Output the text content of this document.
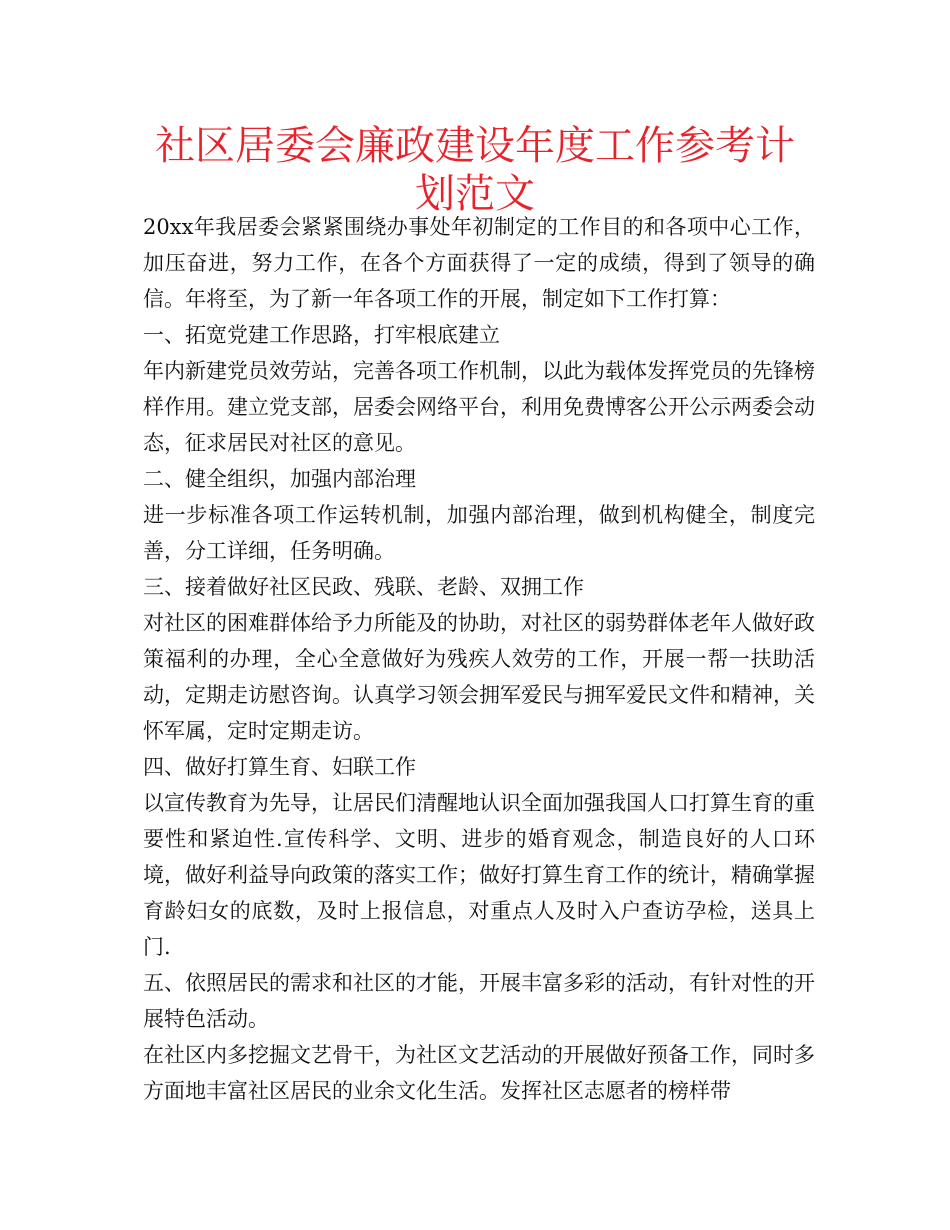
社区居委会廉政建设年度工作参考计划范文

20xx年我居委会紧紧围绕办事处年初制定的工作目的和各项中心工作，加压奋进，努力工作，在各个方面获得了一定的成绩，得到了领导的确信。年将至，为了新一年各项工作的开展，制定如下工作打算：

一、拓宽党建工作思路，打牢根底建立

年内新建党员效劳站，完善各项工作机制，以此为载体发挥党员的先锋榜样作用。建立党支部，居委会网络平台，利用免费博客公开公示两委会动态，征求居民对社区的意见。

二、健全组织，加强内部治理

进一步标准各项工作运转机制，加强内部治理，做到机构健全，制度完善，分工详细，任务明确。

三、接着做好社区民政、残联、老龄、双拥工作

对社区的困难群体给予力所能及的协助，对社区的弱势群体老年人做好政策福利的办理，全心全意做好为残疾人效劳的工作，开展一帮一扶助活动，定期走访慰咨询。认真学习领会拥军爱民与拥军爱民文件和精神，关怀军属，定时定期走访。

四、做好打算生育、妇联工作

以宣传教育为先导，让居民们清醒地认识全面加强我国人口打算生育的重要性和紧迫性.宣传科学、文明、进步的婚育观念，制造良好的人口环境，做好利益导向政策的落实工作；做好打算生育工作的统计，精确掌握育龄妇女的底数，及时上报信息，对重点人及时入户查访孕检，送具上门.

五、依照居民的需求和社区的才能，开展丰富多彩的活动，有针对性的开展特色活动。

在社区内多挖掘文艺骨干，为社区文艺活动的开展做好预备工作，同时多方面地丰富社区居民的业余文化生活。发挥社区志愿者的榜样带
